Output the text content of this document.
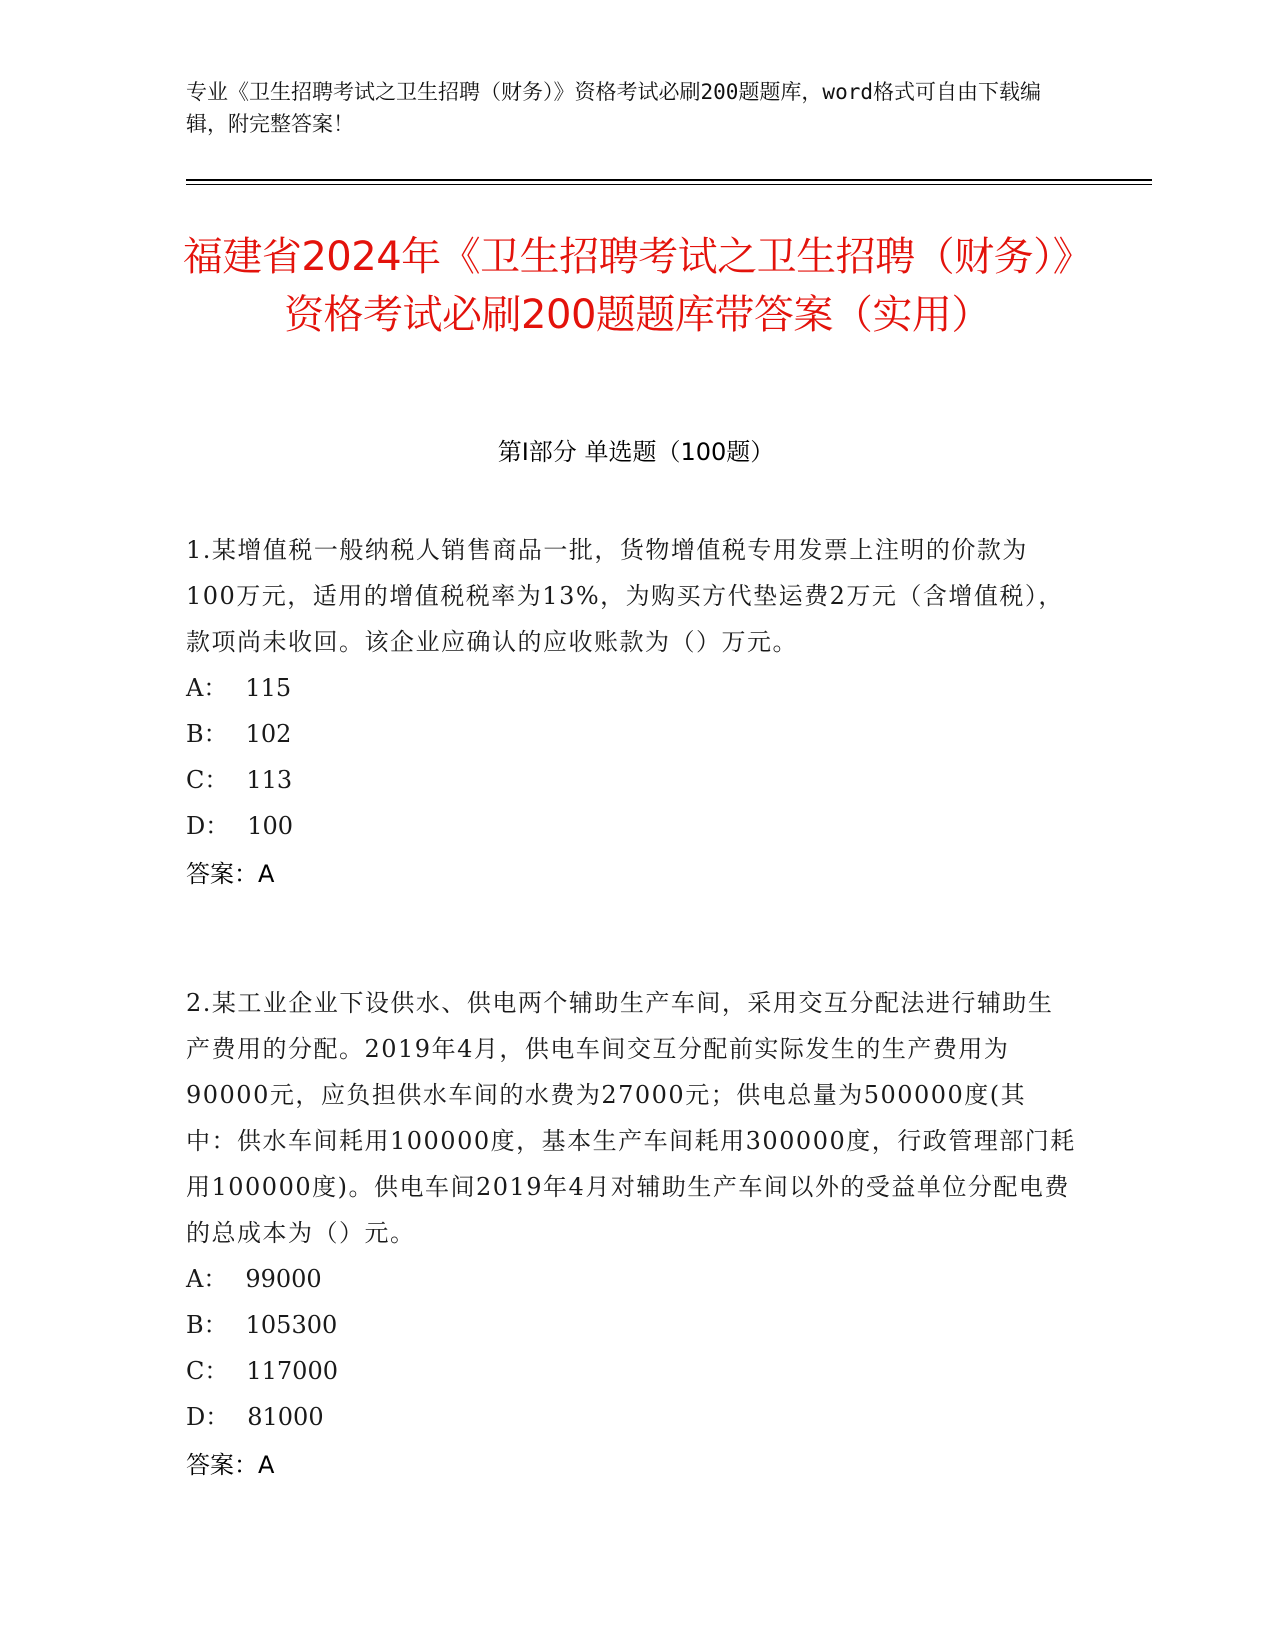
专业《卫生招聘考试之卫生招聘（财务）》资格考试必刷200题题库，word格式可自由下载编辑，附完整答案！
福建省2024年《卫生招聘考试之卫生招聘（财务）》资格考试必刷200题题库带答案（实用）
第Ⅰ部分 单选题（100题）
1.某增值税一般纳税人销售商品一批，货物增值税专用发票上注明的价款为100万元，适用的增值税税率为13%，为购买方代垫运费2万元（含增值税），款项尚未收回。该企业应确认的应收账款为（）万元。
A ： 115
B ： 102
C ： 113
D ： 100
答案：A
2.某工业企业下设供水、供电两个辅助生产车间，采用交互分配法进行辅助生产费用的分配。2019年4月，供电车间交互分配前实际发生的生产费用为90000元，应负担供水车间的水费为27000元；供电总量为500000度(其中：供水车间耗用100000度，基本生产车间耗用300000度，行政管理部门耗用100000度)。供电车间2019年4月对辅助生产车间以外的受益单位分配电费的总成本为（）元。
A ： 99000
B ： 105300
C ： 117000
D ： 81000
答案：A
